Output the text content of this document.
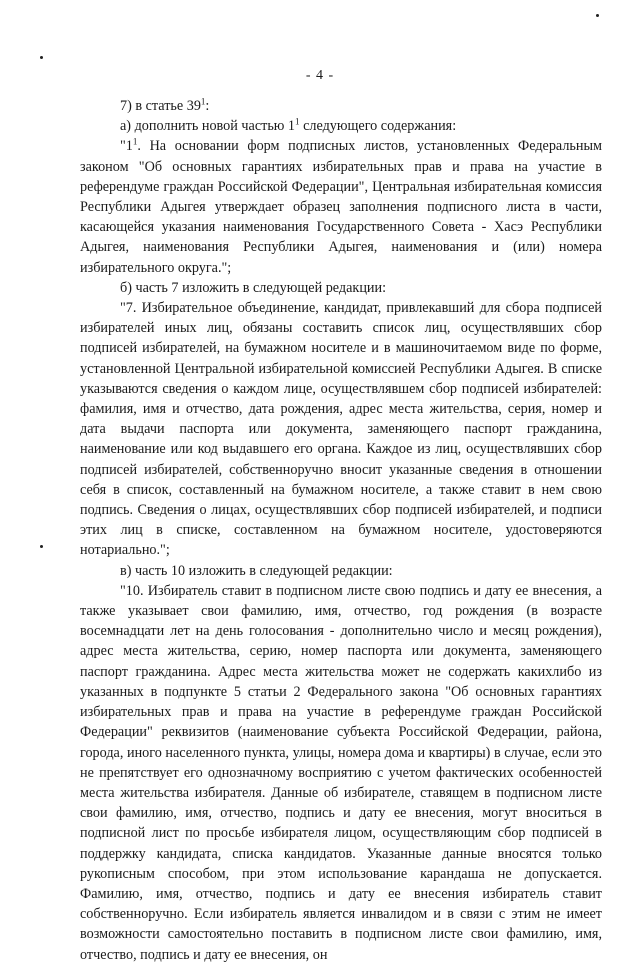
- 4 -

7) в статье $39^1$:

а) дополнить новой частью $1^1$ следующего содержания:

"$1^1$. На основании форм подписных листов, установленных Федеральным законом "Об основных гарантиях избирательных прав и права на участие в референдуме граждан Российской Федерации", Центральная избирательная комиссия Республики Адыгея утверждает образец заполнения подписного листа в части, касающейся указания наименования Государственного Совета - Хасэ Республики Адыгея, наименования Республики Адыгея, наименования и (или) номера избирательного округа.";

б) часть 7 изложить в следующей редакции:

"7. Избирательное объединение, кандидат, привлекавший для сбора подписей избирателей иных лиц, обязаны составить список лиц, осуществлявших сбор подписей избирателей, на бумажном носителе и в машиночитаемом виде по форме, установленной Центральной избирательной комиссией Республики Адыгея. В списке указываются сведения о каждом лице, осуществлявшем сбор подписей избирателей: фамилия, имя и отчество, дата рождения, адрес места жительства, серия, номер и дата выдачи паспорта или документа, заменяющего паспорт гражданина, наименование или код выдавшего его органа. Каждое из лиц, осуществлявших сбор подписей избирателей, собственноручно вносит указанные сведения в отношении себя в список, составленный на бумажном носителе, а также ставит в нем свою подпись. Сведения о лицах, осуществлявших сбор подписей избирателей, и подписи этих лиц в списке, составленном на бумажном носителе, удостоверяются нотариально.";

в) часть 10 изложить в следующей редакции:

"10. Избиратель ставит в подписном листе свою подпись и дату ее внесения, а также указывает свои фамилию, имя, отчество, год рождения (в возрасте восемнадцати лет на день голосования - дополнительно число и месяц рождения), адрес места жительства, серию, номер паспорта или документа, заменяющего паспорт гражданина. Адрес места жительства может не содержать какихлибо из указанных в подпункте 5 статьи 2 Федерального закона "Об основных гарантиях избирательных прав и права на участие в референдуме граждан Российской Федерации" реквизитов (наименование субъекта Российской Федерации, района, города, иного населенного пункта, улицы, номера дома и квартиры) в случае, если это не препятствует его однозначному восприятию с учетом фактических особенностей места жительства избирателя. Данные об избирателе, ставящем в подписном листе свои фамилию, имя, отчество, подпись и дату ее внесения, могут вноситься в подписной лист по просьбе избирателя лицом, осуществляющим сбор подписей в поддержку кандидата, списка кандидатов. Указанные данные вносятся только рукописным способом, при этом использование карандаша не допускается. Фамилию, имя, отчество, подпись и дату ее внесения избиратель ставит собственноручно. Если избиратель является инвалидом и в связи с этим не имеет возможности самостоятельно поставить в подписном листе свои фамилию, имя, отчество, подпись и дату ее внесения, он
